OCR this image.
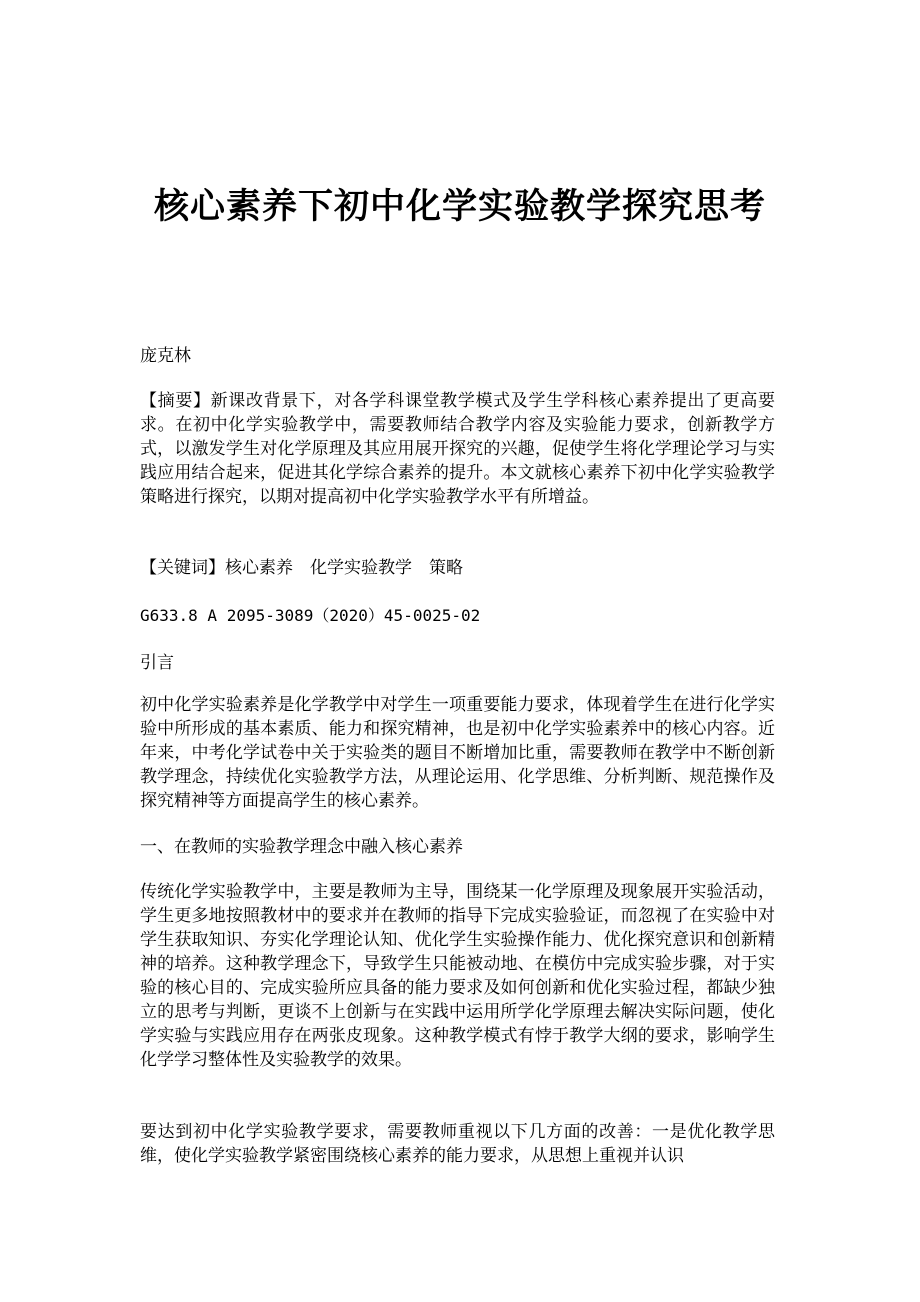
核心素养下初中化学实验教学探究思考

庞克林

【摘要】新课改背景下，对各学科课堂教学模式及学生学科核心素养提出了更高要求。在初中化学实验教学中，需要教师结合教学内容及实验能力要求，创新教学方式，以激发学生对化学原理及其应用展开探究的兴趣，促使学生将化学理论学习与实践应用结合起来，促进其化学综合素养的提升。本文就核心素养下初中化学实验教学策略进行探究，以期对提高初中化学实验教学水平有所增益。

【关键词】核心素养　化学实验教学　策略

G633.8 A 2095-3089（2020）45-0025-02

引言

初中化学实验素养是化学教学中对学生一项重要能力要求，体现着学生在进行化学实验中所形成的基本素质、能力和探究精神，也是初中化学实验素养中的核心内容。近年来，中考化学试卷中关于实验类的题目不断增加比重，需要教师在教学中不断创新教学理念，持续优化实验教学方法，从理论运用、化学思维、分析判断、规范操作及探究精神等方面提高学生的核心素养。

一、在教师的实验教学理念中融入核心素养

传统化学实验教学中，主要是教师为主导，围绕某一化学原理及现象展开实验活动，学生更多地按照教材中的要求并在教师的指导下完成实验验证，而忽视了在实验中对学生获取知识、夯实化学理论认知、优化学生实验操作能力、优化探究意识和创新精神的培养。这种教学理念下，导致学生只能被动地、在模仿中完成实验步骤，对于实验的核心目的、完成实验所应具备的能力要求及如何创新和优化实验过程，都缺少独立的思考与判断，更谈不上创新与在实践中运用所学化学原理去解决实际问题，使化学实验与实践应用存在两张皮现象。这种教学模式有悖于教学大纲的要求，影响学生化学学习整体性及实验教学的效果。

要达到初中化学实验教学要求，需要教师重视以下几方面的改善：一是优化教学思维，使化学实验教学紧密围绕核心素养的能力要求，从思想上重视并认识
